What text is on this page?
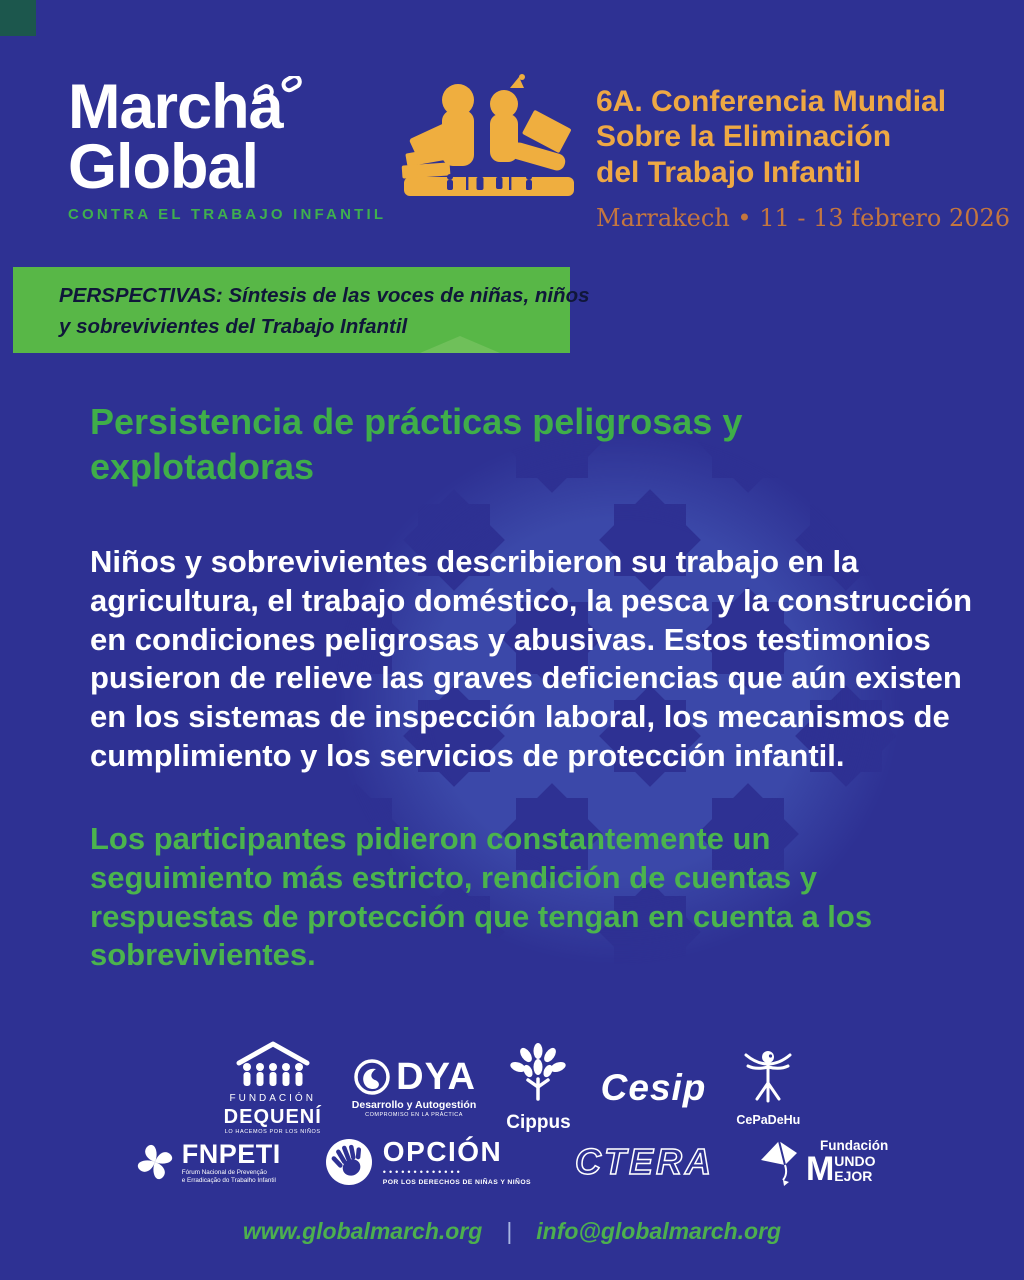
Marcha
Global
CONTRA EL TRABAJO INFANTIL
6A. Conferencia Mundial
Sobre la Eliminación
del Trabajo Infantil
Marrakech • 11 - 13 febrero 2026
PERSPECTIVAS: Síntesis de las voces de niñas, niños
y sobrevivientes del Trabajo Infantil
Persistencia de prácticas peligrosas y explotadoras

Niños y sobrevivientes describieron su trabajo en la agricultura, el trabajo doméstico, la pesca y la construcción en condiciones peligrosas y abusivas. Estos testimonios pusieron de relieve las graves deficiencias que aún existen en los sistemas de inspección laboral, los mecanismos de cumplimiento y los servicios de protección infantil.

Los participantes pidieron constantemente un seguimiento más estricto, rendición de cuentas y respuestas de protección que tengan en cuenta a los sobrevivientes.

FUNDACIÓN
DEQUENÍ
LO HACEMOS POR LOS NIÑOS
DYA
Desarrollo y Autogestión
COMPROMISO EN LA PRÁCTICA	Cippus
Cesip
CePaDeHu
FNPETI
Fórum Nacional de Prevenção
e Erradicação do Trabalho Infantil
OPCIÓN
•••••••••••••
POR LOS DERECHOS DE NIÑAS Y NIÑOS
CTERA	Fundación
M UNDO
EJOR
www.globalmarch.org | info@globalmarch.org
